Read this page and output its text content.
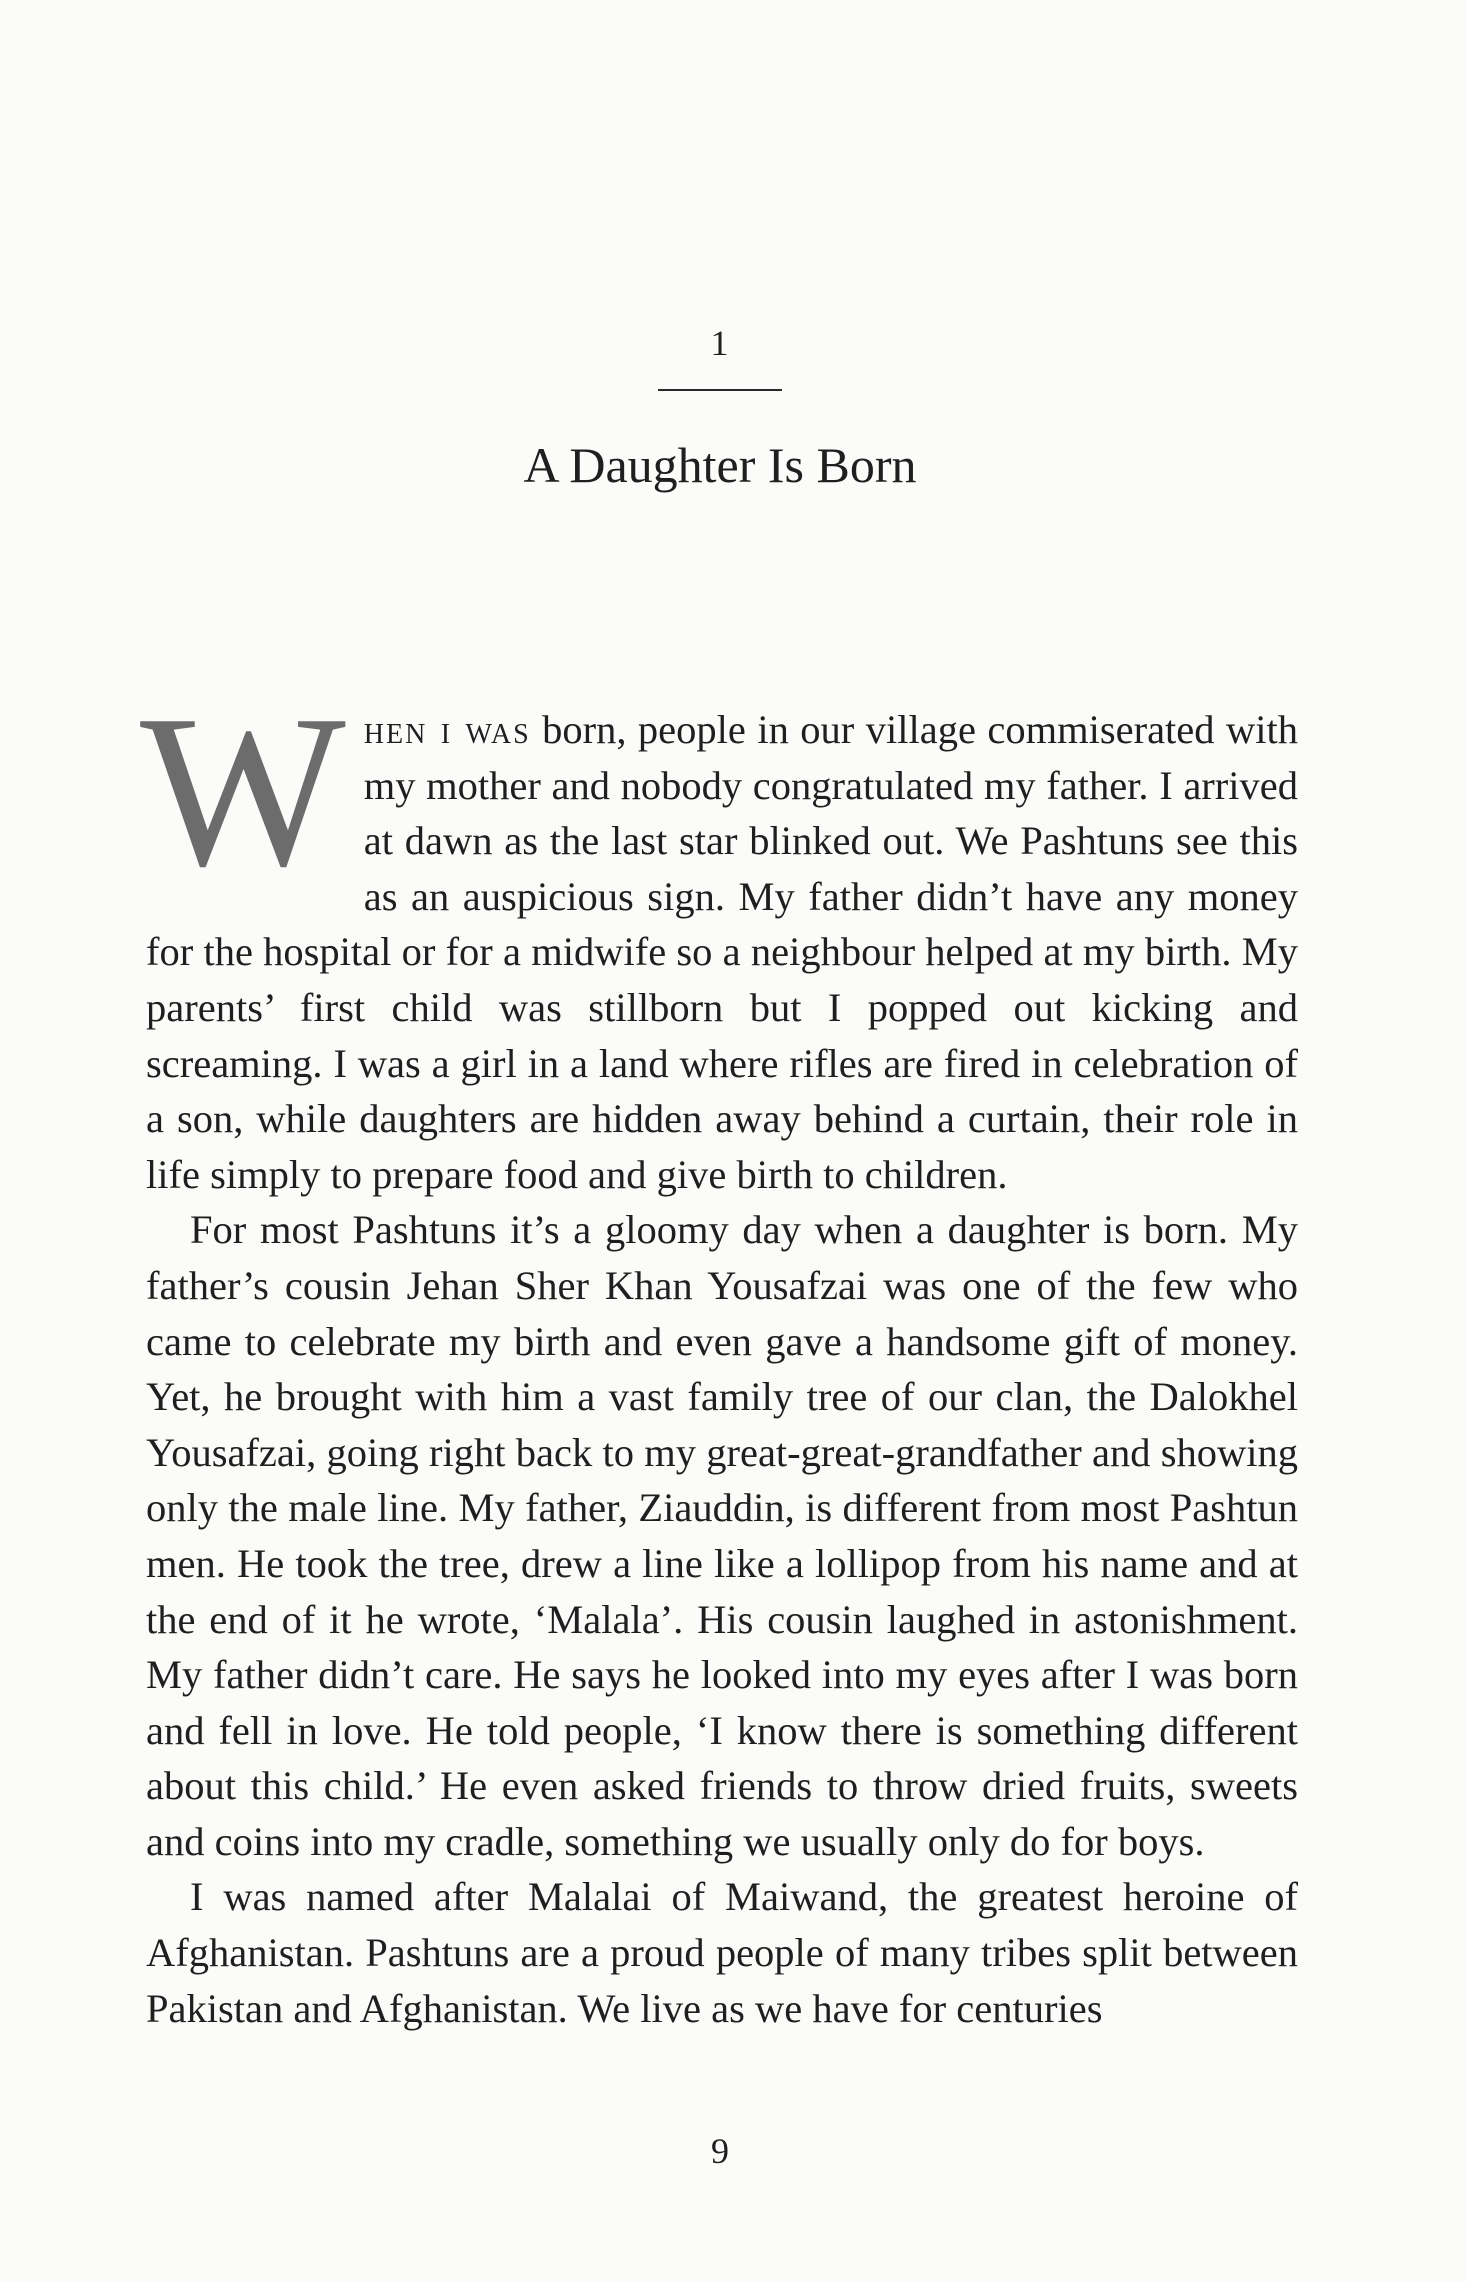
1
A Daughter Is Born

When i was born, people in our village commiserated with my mother and nobody congratulated my father. I arrived at dawn as the last star blinked out. We Pashtuns see this as an auspicious sign. My father didn’t have any money for the hospital or for a midwife so a neighbour helped at my birth. My parents’ first child was stillborn but I popped out kicking and screaming. I was a girl in a land where rifles are fired in celebration of a son, while daughters are hidden away behind a curtain, their role in life simply to prepare food and give birth to children.

For most Pashtuns it’s a gloomy day when a daughter is born. My father’s cousin Jehan Sher Khan Yousafzai was one of the few who came to celebrate my birth and even gave a handsome gift of money. Yet, he brought with him a vast family tree of our clan, the Dalokhel Yousafzai, going right back to my great-great-grandfather and showing only the male line. My father, Ziauddin, is different from most Pashtun men. He took the tree, drew a line like a lollipop from his name and at the end of it he wrote, ‘Malala’. His cousin laughed in astonishment. My father didn’t care. He says he looked into my eyes after I was born and fell in love. He told people, ‘I know there is something different about this child.’ He even asked friends to throw dried fruits, sweets and coins into my cradle, something we usually only do for boys.

I was named after Malalai of Maiwand, the greatest heroine of Afghanistan. Pashtuns are a proud people of many tribes split between Pakistan and Afghanistan. We live as we have for centuries

9
